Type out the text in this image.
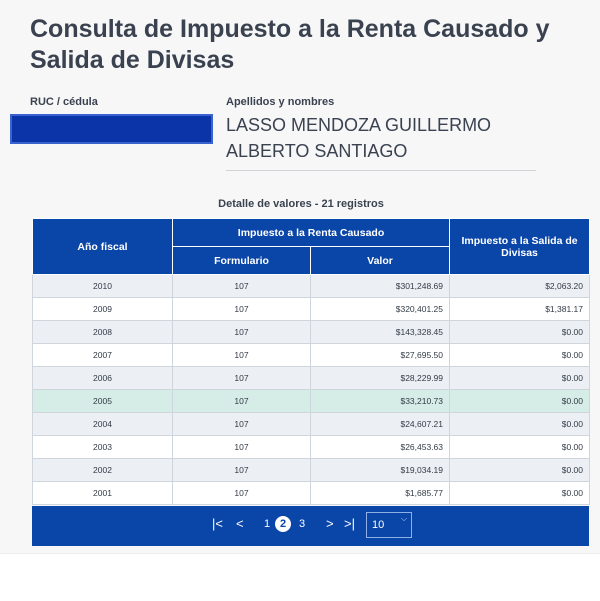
Consulta de Impuesto a la Renta Causado y Salida de Divisas
RUC / cédula	Apellidos y nombres
LASSO MENDOZA GUILLERMO ALBERTO SANTIAGO
Detalle de valores - 21 registros
Año fiscal	Impuesto a la Renta Causado		Impuesto a la Salida de Divisas
	Formulario	Valor	
2010	107	$301,248.69	$2,063.20
2009	107	$320,401.25	$1,381.17
2008	107	$143,328.45	$0.00
2007	107	$27,695.50	$0.00
2006	107	$28,229.99	$0.00
2005	107	$33,210.73	$0.00
2004	107	$24,607.21	$0.00
2003	107	$26,453.63	$0.00
2002	107	$19,034.19	$0.00
2001	107	$1,685.77	$0.00
|< < 1 2	3 > >|	10
⌵
